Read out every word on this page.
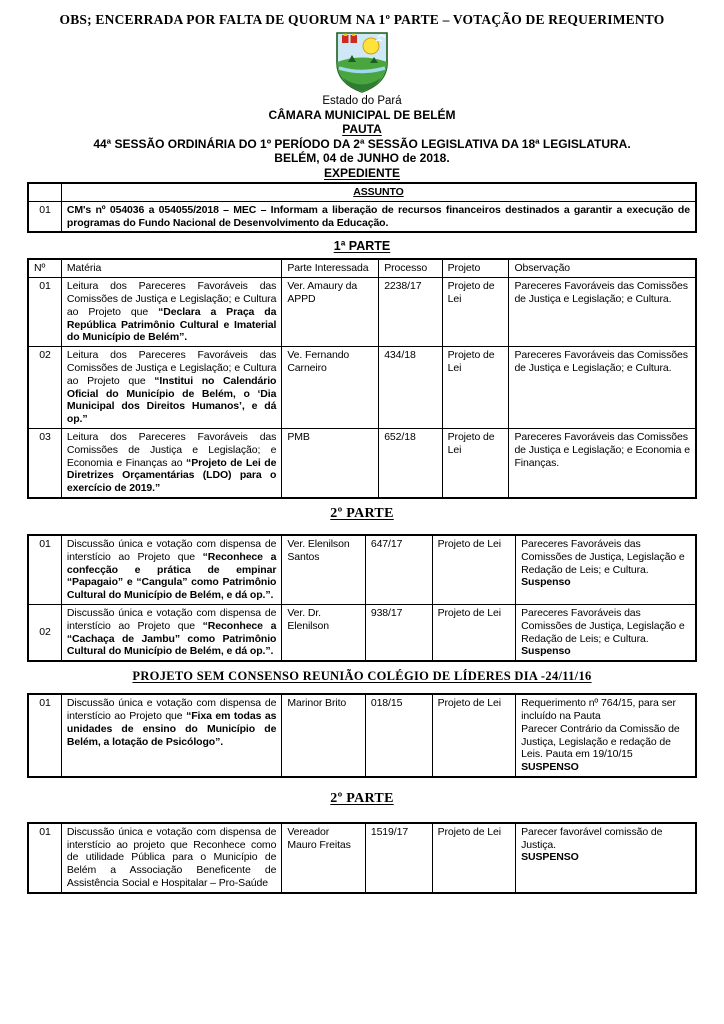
OBS; ENCERRADA POR FALTA DE QUORUM NA 1º PARTE – VOTAÇÃO DE REQUERIMENTO
Estado do Pará
CÂMARA MUNICIPAL DE BELÉM
PAUTA
44ª SESSÃO ORDINÁRIA DO 1º PERÍODO DA 2ª SESSÃO LEGISLATIVA DA 18ª LEGISLATURA.
BELÉM, 04 de JUNHO de 2018.
EXPEDIENTE
	ASSUNTO
01	CM's nº 054036 a 054055/2018 – MEC – Informam a liberação de recursos financeiros destinados a garantir a execução de programas do Fundo Nacional de Desenvolvimento da Educação.
1ª PARTE
Nº	Matéria	Parte Interessada	Processo	Projeto	Observação
01	Leitura dos Pareceres Favoráveis das Comissões de Justiça e Legislação; e Cultura ao Projeto que “Declara a Praça da República Patrimônio Cultural e Imaterial do Município de Belém”.	Ver. Amaury da APPD	2238/17	Projeto de Lei	Pareceres Favoráveis das Comissões de Justiça e Legislação; e Cultura.

02	Leitura dos Pareceres Favoráveis das Comissões de Justiça e Legislação; e Cultura ao Projeto que “Institui no Calendário Oficial do Município de Belém, o ‘Dia Municipal dos Direitos Humanos’, e dá op.”	Ve. Fernando Carneiro	434/18	Projeto de Lei	Pareceres Favoráveis das Comissões de Justiça e Legislação; e Cultura.

03	Leitura dos Pareceres Favoráveis das Comissões de Justiça e Legislação; e Economia e Finanças ao “Projeto de Lei de Diretrizes Orçamentárias (LDO) para o exercício de 2019.”	PMB	652/18	Projeto de Lei	Pareceres Favoráveis das Comissões de Justiça e Legislação; e Economia e Finanças.
2º PARTE
01	Discussão única e votação com dispensa de interstício ao Projeto que “Reconhece a confecção e prática de empinar “Papagaio” e “Cangula” como Patrimônio Cultural do Município de Belém, e dá op.”.	Ver. Elenilson Santos	647/17	Projeto de Lei	Pareceres Favoráveis das Comissões de Justiça, Legislação e Redação de Leis; e Cultura.
Suspenso

02	Discussão única e votação com dispensa de interstício ao Projeto que “Reconhece a “Cachaça de Jambu” como Patrimônio Cultural do Município de Belém, e dá op.”.	Ver. Dr. Elenilson	938/17	Projeto de Lei	Pareceres Favoráveis das Comissões de Justiça, Legislação e Redação de Leis; e Cultura.
Suspenso
PROJETO SEM CONSENSO REUNIÃO COLÉGIO DE LÍDERES DIA -24/11/16
01	Discussão única e votação com dispensa de interstício ao Projeto que “Fixa em todas as unidades de ensino do Município de Belém, a lotação de Psicólogo”.	Marinor Brito	018/15	Projeto de Lei	Requerimento nº 764/15, para ser incluído na Pauta
Parecer Contrário da Comissão de Justiça, Legislação e redação de Leis. Pauta em 19/10/15
SUSPENSO
2º PARTE
01	Discussão única e votação com dispensa de interstício ao projeto que Reconhece como de utilidade Pública para o Município de Belém a Associação Beneficente de Assistência Social e Hospitalar – Pro-Saúde	Vereador Mauro Freitas	1519/17	Projeto de Lei	Parecer favorável comissão de Justiça.
SUSPENSO
